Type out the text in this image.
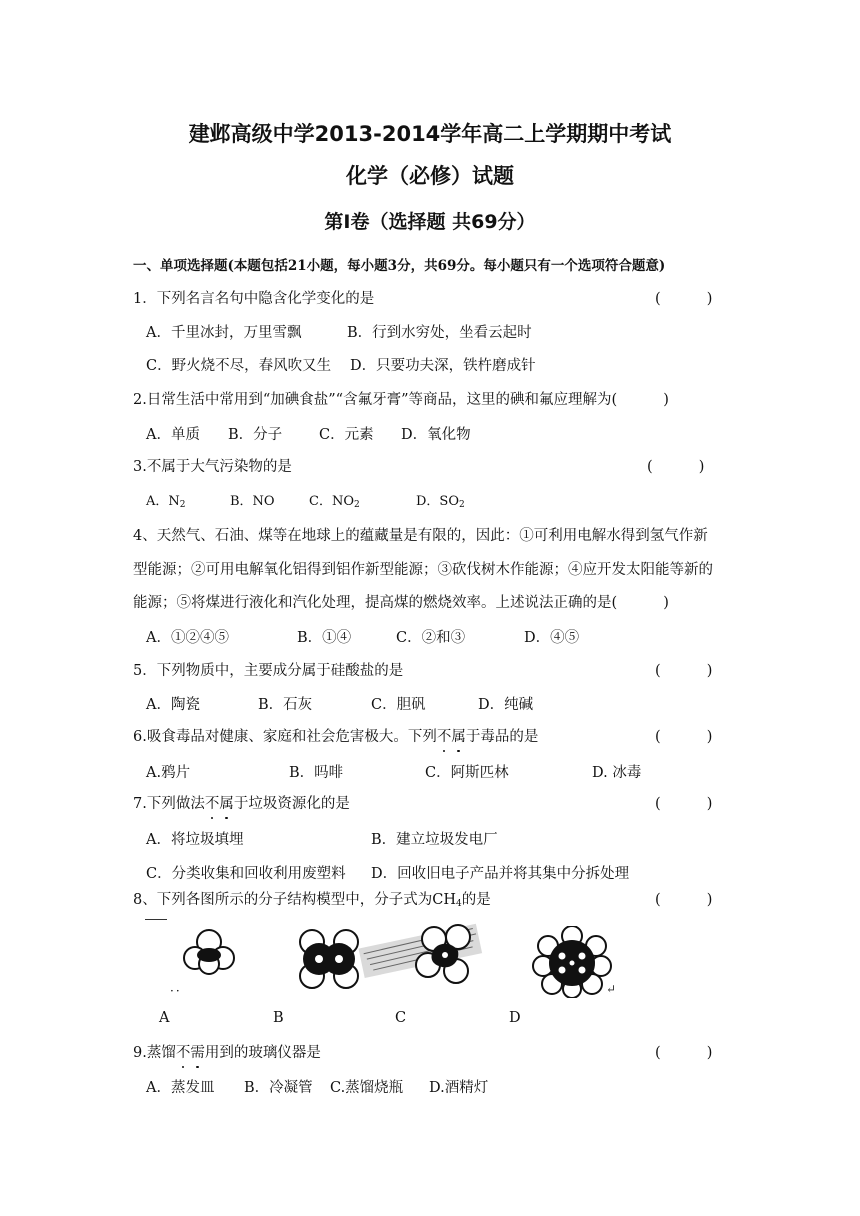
建邺高级中学2013-2014学年高二上学期期中考试
化学（必修）试题
第Ⅰ卷（选择题 共69分）
一、单项选择题(本题包括21小题，每小题3分，共69分。每小题只有一个选项符合题意)
1．下列名言名句中隐含化学变化的是	(          )
A．千里冰封，万里雪飘	B．行到水穷处，坐看云起时
C．野火烧不尽，春风吹又生 D．只要功夫深，铁杵磨成针
2.日常生活中常用到“加碘食盐”“含氟牙膏”等商品，这里的碘和氟应理解为(          )
A．单质 B．分子	C．元素 D．氧化物
3.不属于大气污染物的是	(          )
A．$N_2$	B．NO	C．$NO_2$	D．$SO_2$
4、天然气、石油、煤等在地球上的蕴藏量是有限的，因此：①可利用电解水得到氢气作新
型能源；②可用电解氧化铝得到铝作新型能源；③砍伐树木作能源；④应开发太阳能等新的
能源；⑤将煤进行液化和汽化处理，提高煤的燃烧效率。上述说法正确的是(          )
A．①②④⑤	B．①④	C．②和③	D．④⑤
5．下列物质中，主要成分属于硅酸盐的是	(          )
A．陶瓷	B．石灰	C．胆矾	D．纯碱
6.吸食毒品对健康、家庭和社会危害极大。下列不属于毒品的是	(          )
A.鸦片	B．吗啡	C．阿斯匹林	D. 冰毒
7.下列做法不属于垃圾资源化的是	(          )
A．将垃圾填埋	B．建立垃圾发电厂
C．分类收集和回收利用废塑料 D．回收旧电子产品并将其集中分拆处理
8、下列各图所示的分子结构模型中，分子式为$CH_4$的是	(          )
··	↵
A	B	C	D
9.蒸馏不需用到的玻璃仪器是	(          )
A．蒸发皿 B．冷凝管 C.蒸馏烧瓶 D.酒精灯
